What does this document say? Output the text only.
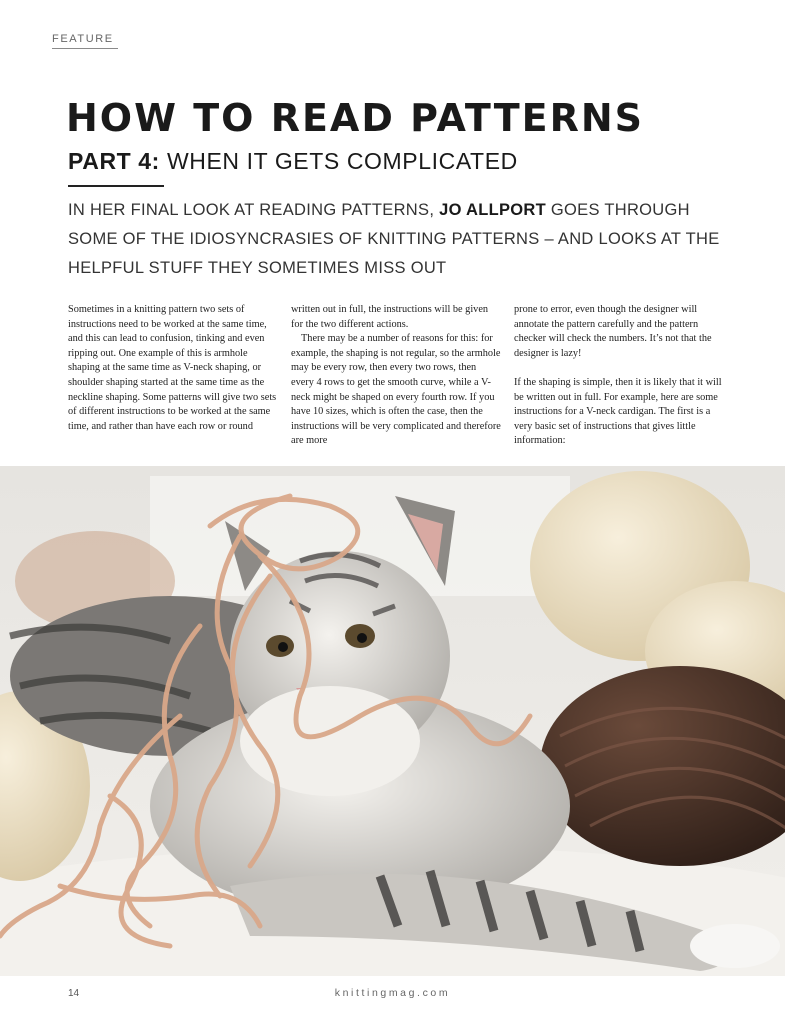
FEATURE
HOW TO READ PATTERNS
PART 4: WHEN IT GETS COMPLICATED
IN HER FINAL LOOK AT READING PATTERNS, JO ALLPORT GOES THROUGH SOME OF THE IDIOSYNCRASIES OF KNITTING PATTERNS – AND LOOKS AT THE HELPFUL STUFF THEY SOMETIMES MISS OUT

Sometimes in a knitting pattern two sets of instructions need to be worked at the same time, and this can lead to confusion, tinking and even ripping out. One example of this is armhole shaping at the same time as V-neck shaping, or shoulder shaping started at the same time as the neckline shaping. Some patterns will give two sets of different instructions to be worked at the same time, and rather than have each row or round

written out in full, the instructions will be given for the two different actions.

There may be a number of reasons for this: for example, the shaping is not regular, so the armhole may be every row, then every two rows, then every 4 rows to get the smooth curve, while a V-neck might be shaped on every fourth row. If you have 10 sizes, which is often the case, then the instructions will be very complicated and therefore are more

prone to error, even though the designer will annotate the pattern carefully and the pattern checker will check the numbers. It’s not that the designer is lazy!

If the shaping is simple, then it is likely that it will be written out in full. For example, here are some instructions for a V-neck cardigan. The first is a very basic set of instructions that gives little information:

14	knittingmag.com
